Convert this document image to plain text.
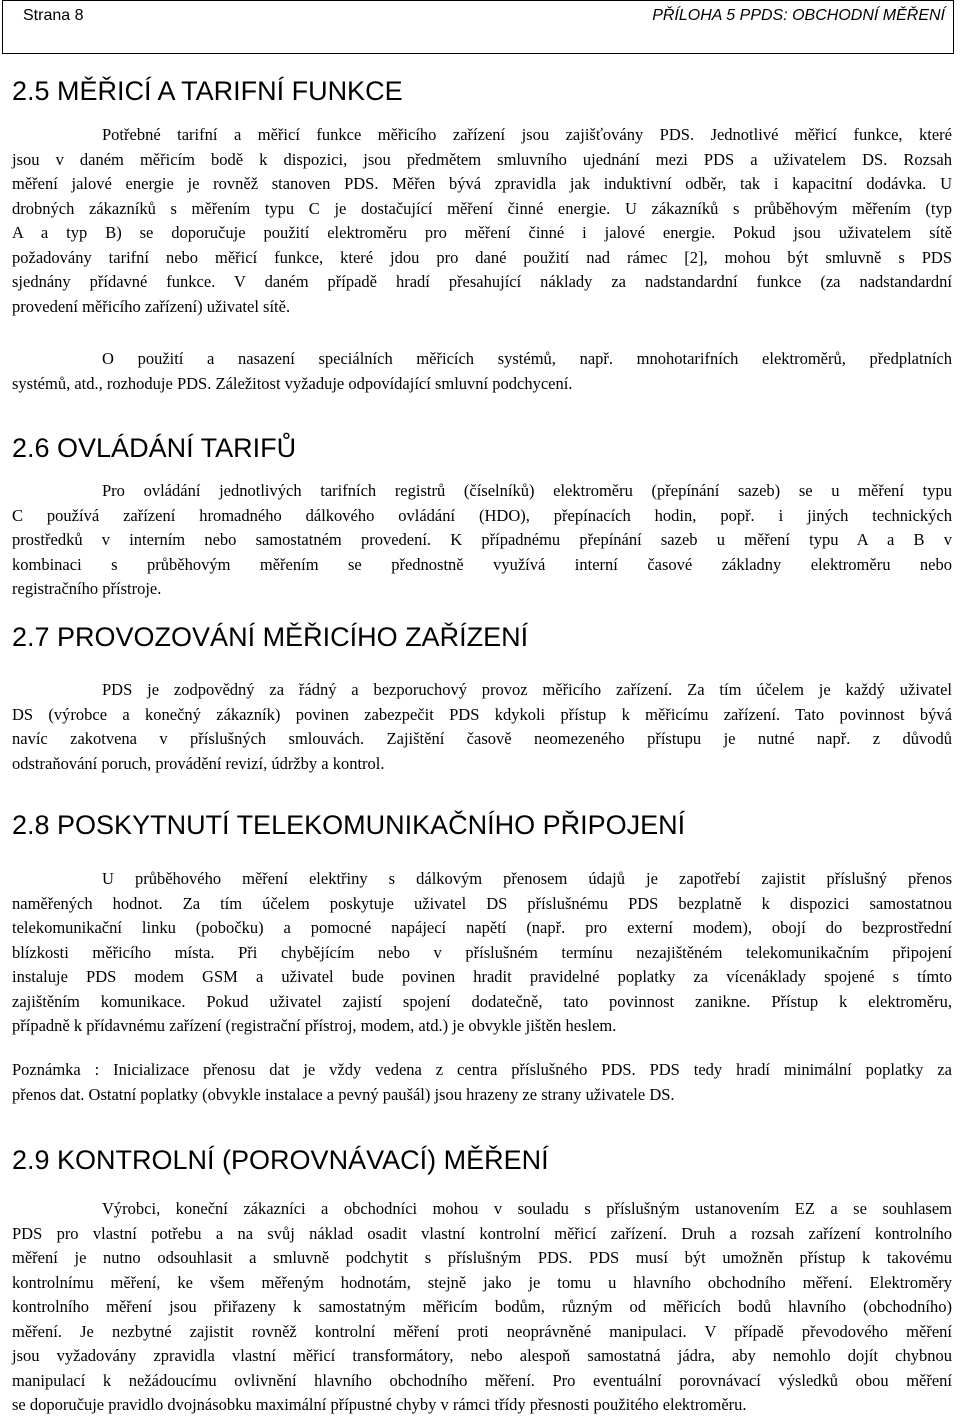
Strana 8	PŘÍLOHA 5 PPDS: OBCHODNÍ MĚŘENÍ
2.5 MĚŘICÍ A TARIFNÍ FUNKCE
Potřebné tarifní a měřicí funkce měřicího zařízení jsou zajišťovány PDS. Jednotlivé měřicí funkce, které
jsou v daném měřicím bodě k dispozici, jsou předmětem smluvního ujednání mezi PDS a uživatelem DS. Rozsah
měření jalové energie je rovněž stanoven PDS. Měřen bývá zpravidla jak induktivní odběr, tak i kapacitní dodávka. U
drobných zákazníků s měřením typu C je dostačující měření činné energie. U zákazníků s průběhovým měřením (typ
A a typ B) se doporučuje použití elektroměru pro měření činné i jalové energie. Pokud jsou uživatelem sítě
požadovány tarifní nebo měřicí funkce, které jdou pro dané použití nad rámec [2], mohou být smluvně s PDS
sjednány přídavné funkce. V daném případě hradí přesahující náklady za nadstandardní funkce (za nadstandardní
provedení měřicího zařízení) uživatel sítě.
O použití a nasazení speciálních měřicích systémů, např. mnohotarifních elektroměrů, předplatních
systémů, atd., rozhoduje PDS. Záležitost vyžaduje odpovídající smluvní podchycení.
2.6 OVLÁDÁNÍ TARIFŮ
Pro ovládání jednotlivých tarifních registrů (číselníků) elektroměru (přepínání sazeb) se u měření typu
C používá zařízení hromadného dálkového ovládání (HDO), přepínacích hodin, popř. i jiných technických
prostředků v interním nebo samostatném provedení. K případnému přepínání sazeb u měření typu A a B v
kombinaci s průběhovým měřením se přednostně využívá interní časové základny elektroměru nebo
registračního přístroje.
2.7 PROVOZOVÁNÍ MĚŘICÍHO ZAŘÍZENÍ
PDS je zodpovědný za řádný a bezporuchový provoz měřicího zařízení. Za tím účelem je každý uživatel
DS (výrobce a konečný zákazník) povinen zabezpečit PDS kdykoli přístup k měřicímu zařízení. Tato povinnost bývá
navíc zakotvena v příslušných smlouvách. Zajištění časově neomezeného přístupu je nutné např. z důvodů
odstraňování poruch, provádění revizí, údržby a kontrol.
2.8 POSKYTNUTÍ TELEKOMUNIKAČNÍHO PŘIPOJENÍ
U průběhového měření elektřiny s dálkovým přenosem údajů je zapotřebí zajistit příslušný přenos
naměřených hodnot. Za tím účelem poskytuje uživatel DS příslušnému PDS bezplatně k dispozici samostatnou
telekomunikační linku (pobočku) a pomocné napájecí napětí (např. pro externí modem), obojí do bezprostřední
blízkosti měřicího místa. Při chybějícím nebo v příslušném termínu nezajištěném telekomunikačním připojení
instaluje PDS modem GSM a uživatel bude povinen hradit pravidelné poplatky za vícenáklady spojené s tímto
zajištěním komunikace. Pokud uživatel zajistí spojení dodatečně, tato povinnost zanikne. Přístup k elektroměru,
případně k přídavnému zařízení (registrační přístroj, modem, atd.) je obvykle jištěn heslem.
Poznámka : Inicializace přenosu dat je vždy vedena z centra příslušného PDS. PDS tedy hradí minimální poplatky za
přenos dat. Ostatní poplatky (obvykle instalace a pevný paušál) jsou hrazeny ze strany uživatele DS.
2.9 KONTROLNÍ (POROVNÁVACÍ) MĚŘENÍ
Výrobci, koneční zákazníci a obchodníci mohou v souladu s příslušným ustanovením EZ a se souhlasem
PDS pro vlastní potřebu a na svůj náklad osadit vlastní kontrolní měřicí zařízení. Druh a rozsah zařízení kontrolního
měření je nutno odsouhlasit a smluvně podchytit s příslušným PDS. PDS musí být umožněn přístup k takovému
kontrolnímu měření, ke všem měřeným hodnotám, stejně jako je tomu u hlavního obchodního měření. Elektroměry
kontrolního měření jsou přiřazeny k samostatným měřicím bodům, různým od měřicích bodů hlavního (obchodního)
měření. Je nezbytné zajistit rovněž kontrolní měření proti neoprávněné manipulaci. V případě převodového měření
jsou vyžadovány zpravidla vlastní měřicí transformátory, nebo alespoň samostatná jádra, aby nemohlo dojít chybnou
manipulací k nežádoucímu ovlivnění hlavního obchodního měření. Pro eventuální porovnávací výsledků obou měření
se doporučuje pravidlo dvojnásobku maximální přípustné chyby v rámci třídy přesnosti použitého elektroměru.
